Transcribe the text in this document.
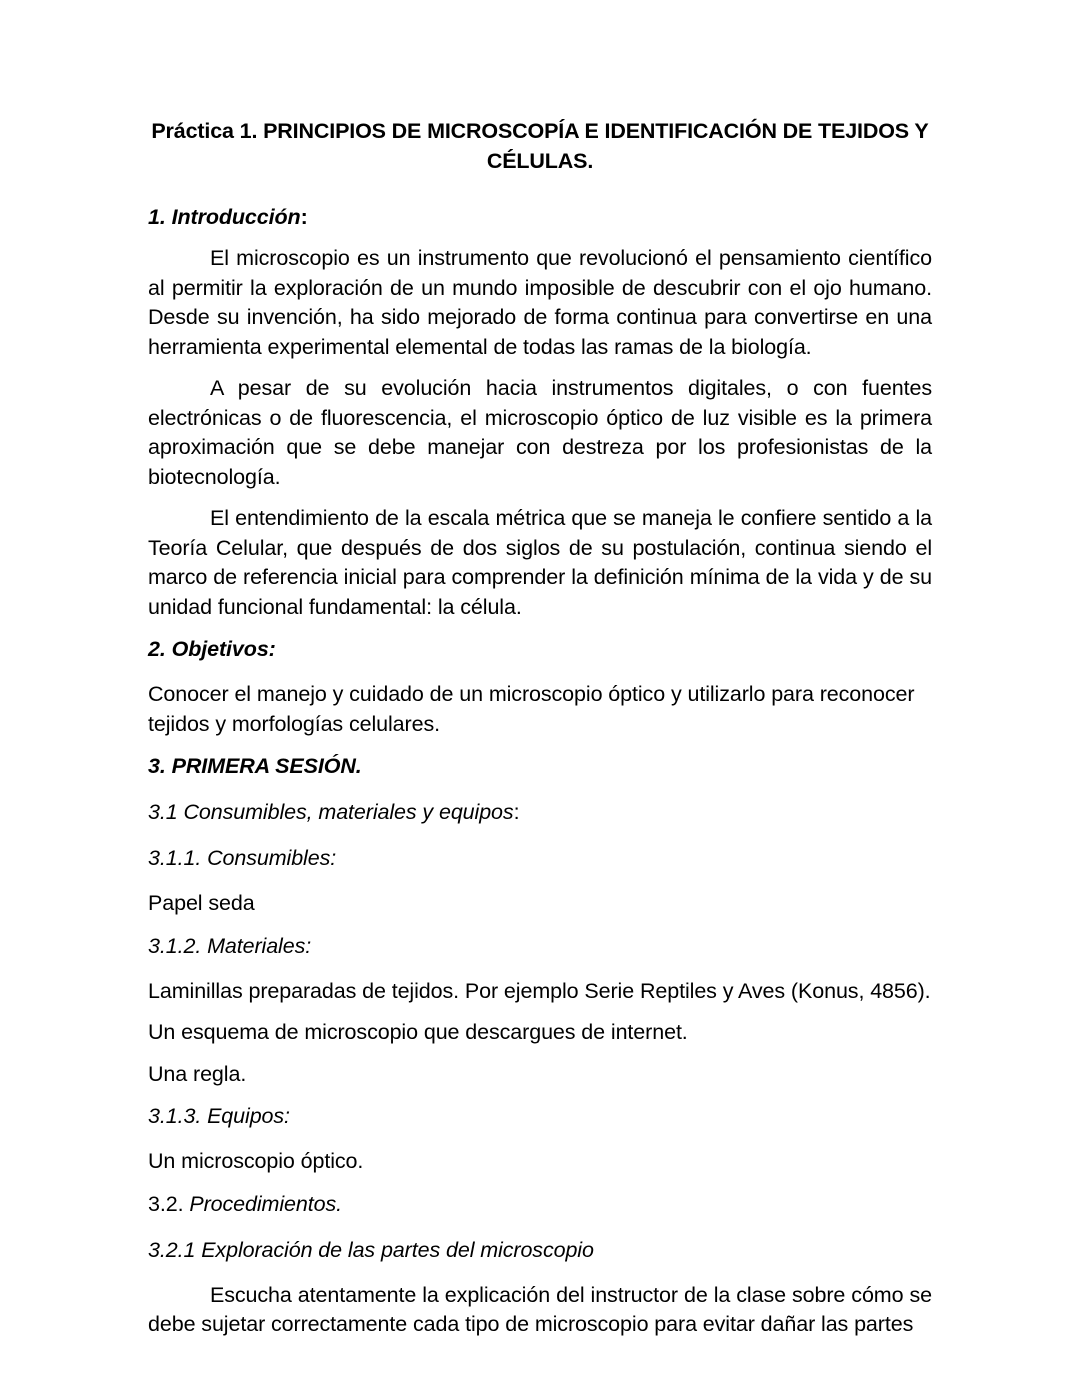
Práctica 1. PRINCIPIOS DE MICROSCOPÍA E IDENTIFICACIÓN DE TEJIDOS Y CÉLULAS.
1. Introducción:

El microscopio es un instrumento que revolucionó el pensamiento científico al permitir la exploración de un mundo imposible de descubrir con el ojo humano. Desde su invención, ha sido mejorado de forma continua para convertirse en una herramienta experimental elemental de todas las ramas de la biología.

A pesar de su evolución hacia instrumentos digitales, o con fuentes electrónicas o de fluorescencia, el microscopio óptico de luz visible es la primera aproximación que se debe manejar con destreza por los profesionistas de la biotecnología.

El entendimiento de la escala métrica que se maneja le confiere sentido a la Teoría Celular, que después de dos siglos de su postulación, continua siendo el marco de referencia inicial para comprender la definición mínima de la vida y de su unidad funcional fundamental: la célula.

2. Objetivos:

Conocer el manejo y cuidado de un microscopio óptico y utilizarlo para reconocer tejidos y morfologías celulares.

3. PRIMERA SESIÓN.
3.1 Consumibles, materiales y equipos:
3.1.1. Consumibles:

Papel seda

3.1.2. Materiales:

Laminillas preparadas de tejidos. Por ejemplo Serie Reptiles y Aves (Konus, 4856).

Un esquema de microscopio que descargues de internet.

Una regla.

3.1.3. Equipos:

Un microscopio óptico.

3.2. Procedimientos.
3.2.1 Exploración de las partes del microscopio

Escucha atentamente la explicación del instructor de la clase sobre cómo se debe sujetar correctamente cada tipo de microscopio para evitar dañar las partes
